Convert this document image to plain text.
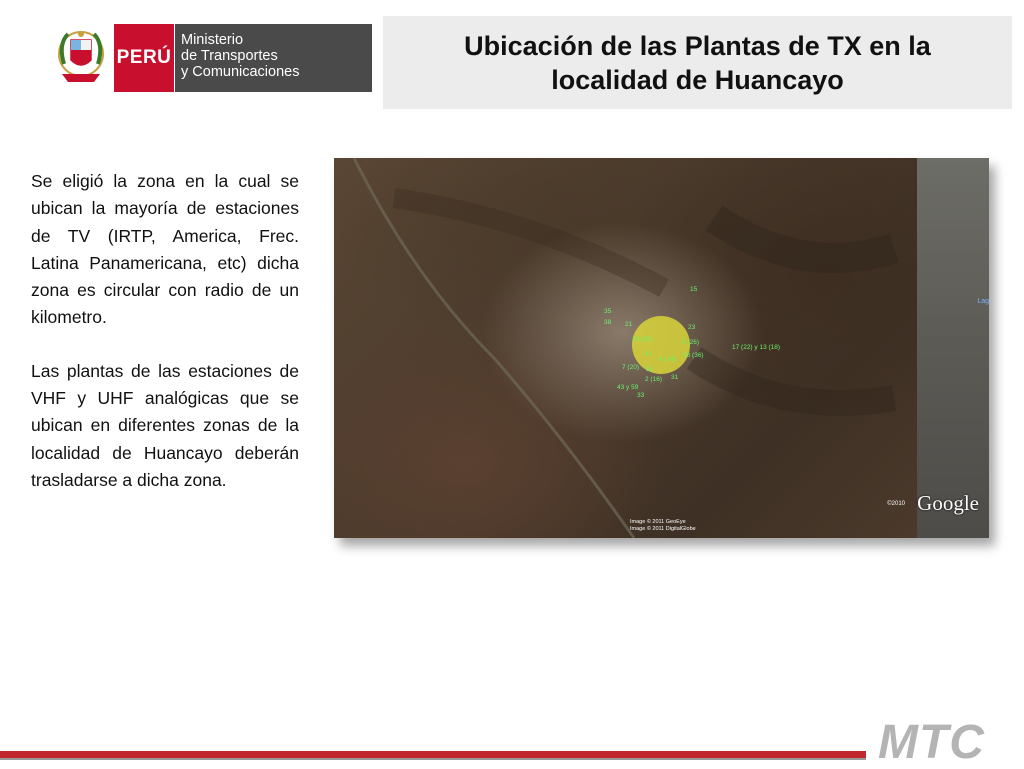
PERÚ
Ministerio
de Transportes
y Comunicaciones
Ubicación de las Plantas de TX en la localidad de Huancayo

Se eligió la zona en la cual se ubican la mayoría de estaciones de TV (IRTP, America, Frec. Latina Panamericana, etc) dicha zona es circular con radio de un kilometro.

Las plantas de las estaciones de VHF y UHF analógicas que se ubican en diferentes zonas de la localidad de Huancayo deberán trasladarse a dicha zona.

15
35
38 21	23
19 (32)	5 (26)
17 (22) y 13 (18)
47
4 (24)
53 (36)
7 (20) 51
31
2 (16)
43 y 59
33
Lag
©2010 Google
Image © 2011 GeoEye
Image © 2011 DigitalGlobe
MTC
